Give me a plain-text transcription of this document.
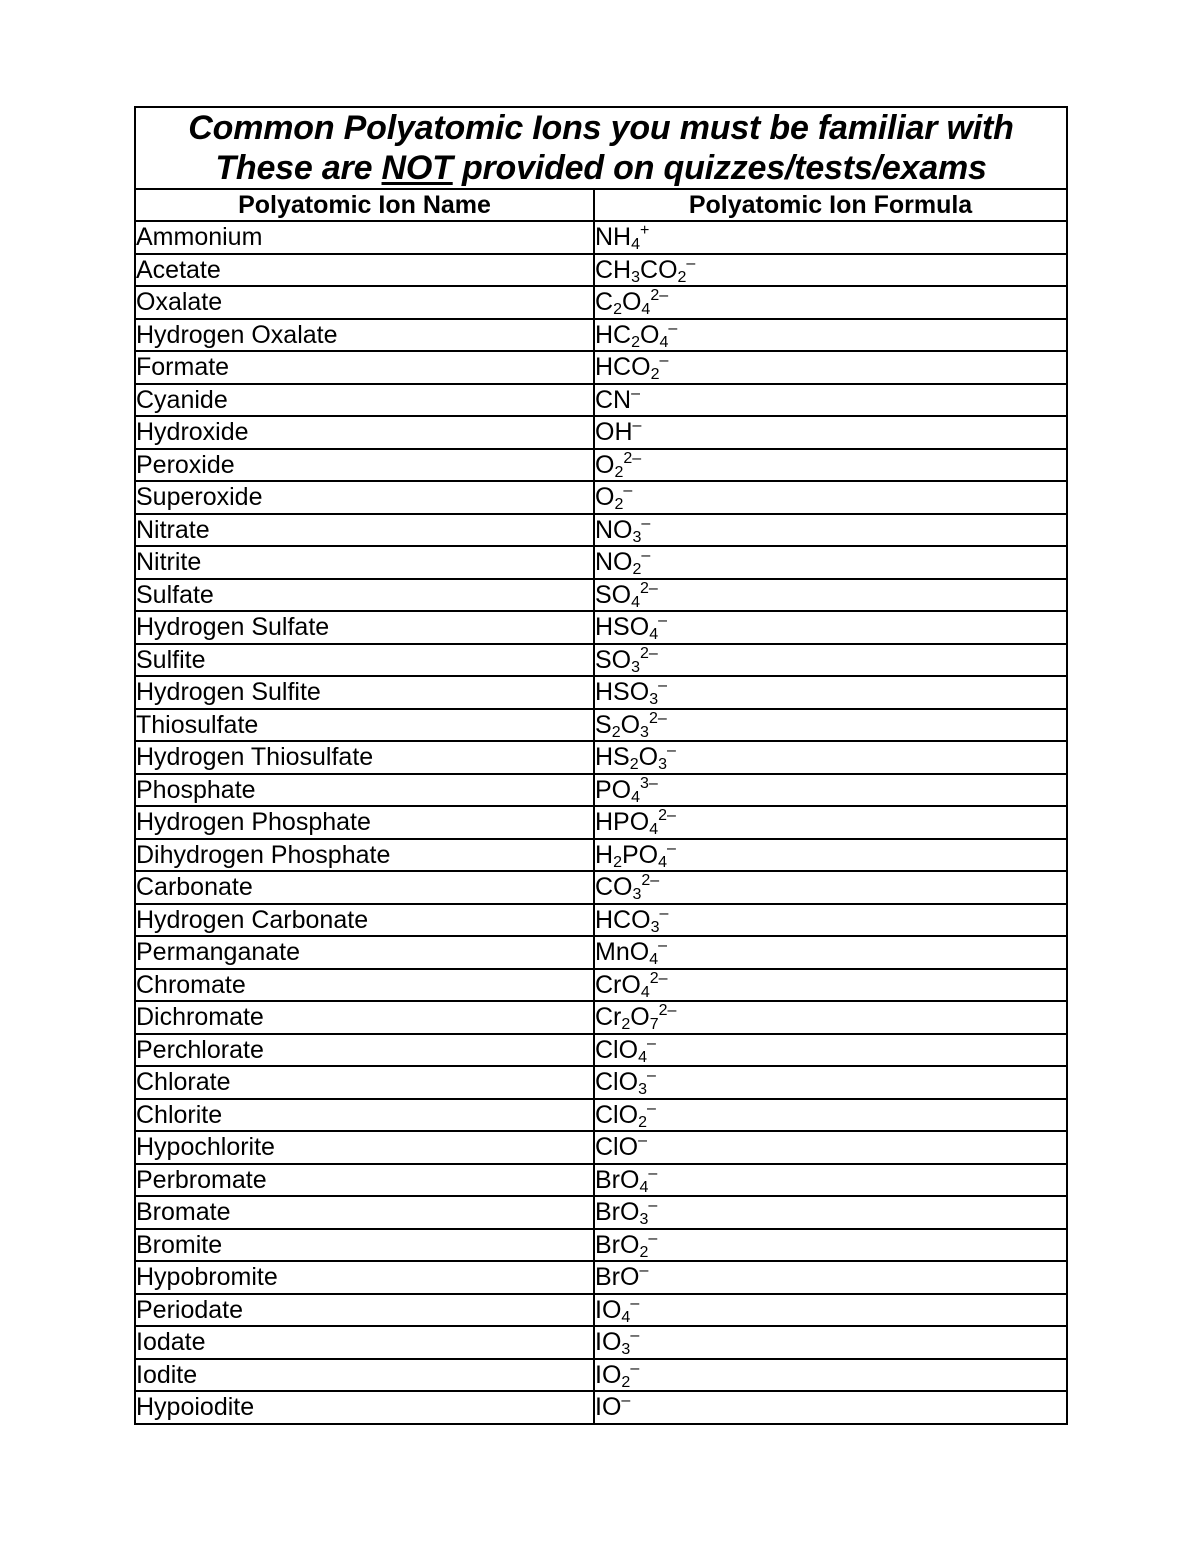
Common Polyatomic Ions you must be familiar with
These are NOT provided on quizzes/tests/exams	

Polyatomic Ion Name	Polyatomic Ion Formula
Ammonium	$NH_4^+$
Acetate	$CH_3CO_2^-$
Oxalate	$C_2O_4^{2-}$
Hydrogen Oxalate	$HC_2O_4^-$
Formate	$HCO_2^-$
Cyanide	CN–
Hydroxide	OH–
Peroxide	$O_2^{2-}$
Superoxide	$O_2^-$
Nitrate	$NO_3^-$
Nitrite	$NO_2^-$
Sulfate	$SO_4^{2-}$
Hydrogen Sulfate	$HSO_4^-$
Sulfite	$SO_3^{2-}$
Hydrogen Sulfite	$HSO_3^-$
Thiosulfate	$S_2O_3^{2-}$
Hydrogen Thiosulfate	$HS_2O_3^-$
Phosphate	$PO_4^{3-}$
Hydrogen Phosphate	$HPO_4^{2-}$
Dihydrogen Phosphate	$H_2PO_4^-$
Carbonate	$CO_3^{2-}$
Hydrogen Carbonate	$HCO_3^-$
Permanganate	MnO$_4$–
Chromate	CrO$_4^{2-}$
Dichromate	$Cr_2O_7^{2-}$
Perchlorate	ClO$_4$–
Chlorate	ClO$_3$–
Chlorite	ClO$_2$–
Hypochlorite	ClO–
Perbromate	BrO$_4$–
Bromate	BrO$_3$–
Bromite	BrO$_2$–
Hypobromite	BrO–
Periodate	$IO_4^-$
Iodate	$IO_3^-$
Iodite	$IO_2^-$
Hypoiodite	IO–
